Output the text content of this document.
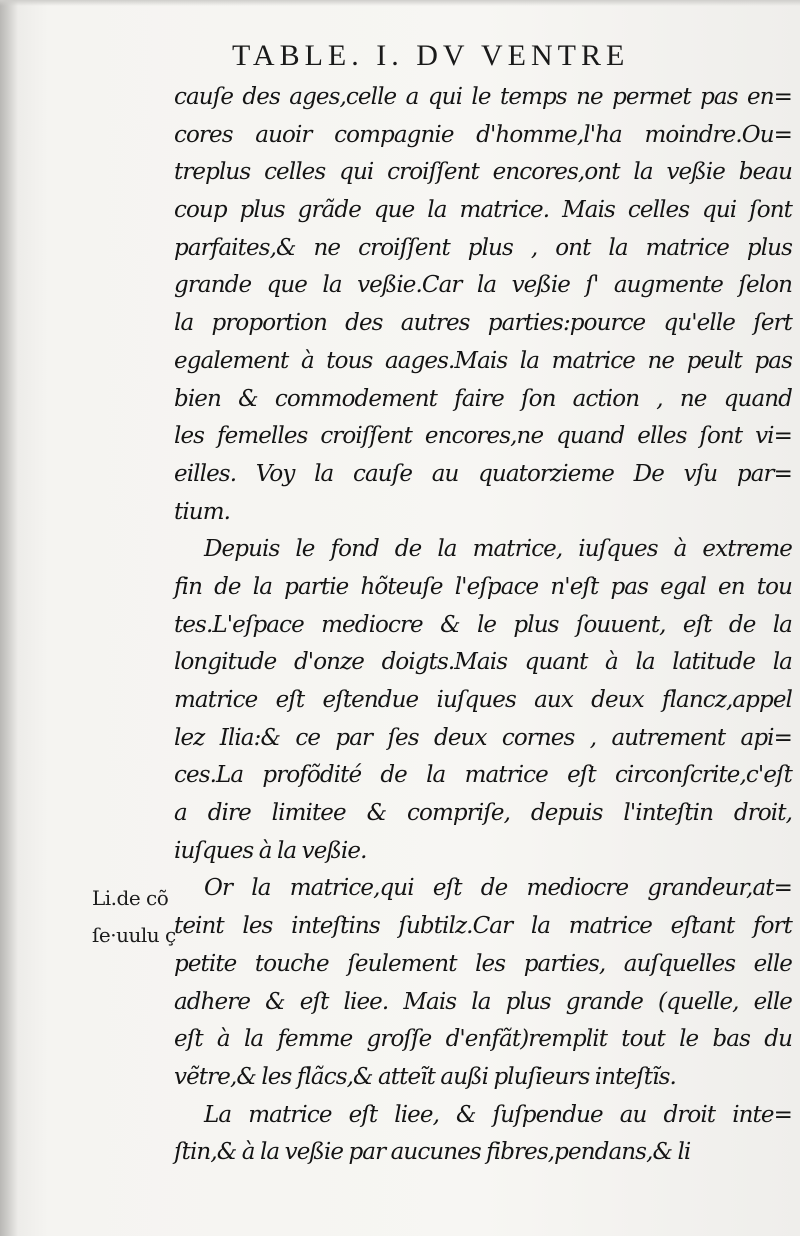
TABLE. I. DV VENTRE
Li.de cõ
ſe·uulu ç
cauſe des ages,celle a qui le temps ne permet pas en=
cores auoir compagnie d'homme,l'ha moindre.Ou=
treplus celles qui croiſſent encores,ont la veßie beau
coup plus grãde que la matrice. Mais celles qui ſont
parfaites,& ne croiſſent plus , ont la matrice plus
grande que la veßie.Car la veßie ſ' augmente ſelon
la proportion des autres parties:pource qu'elle ſert
egalement à tous aages.Mais la matrice ne peult pas
bien & commodement faire ſon action , ne quand
les femelles croiſſent encores,ne quand elles ſont vi=
eilles. Voy la cauſe au quatorzieme De vſu par=
tium.
Depuis le fond de la matrice, iuſques à extreme
fin de la partie hõteuſe l'eſpace n'eſt pas egal en tou
tes.L'eſpace mediocre & le plus ſouuent, eſt de la
longitude d'onze doigts.Mais quant à la latitude la
matrice eſt eſtendue iuſques aux deux flancz,appel
lez Ilia:& ce par ſes deux cornes , autrement api=
ces.La profõdité de la matrice eſt circonſcrite,c'eſt
a dire limitee & compriſe, depuis l'inteſtin droit,
iuſques à la veßie.
Or la matrice,qui eſt de mediocre grandeur,at=
teint les inteſtins ſubtilz.Car la matrice eſtant fort
petite touche ſeulement les parties, auſquelles elle
adhere & eſt liee. Mais la plus grande (quelle, elle
eſt à la femme groſſe d'enfãt)remplit tout le bas du
vẽtre,& les flãcs,& atteĩt außi pluſieurs inteſtĩs.
La matrice eſt liee, & ſuſpendue au droit inte=
ſtin,& à la veßie par aucunes fibres,pendans,& li
